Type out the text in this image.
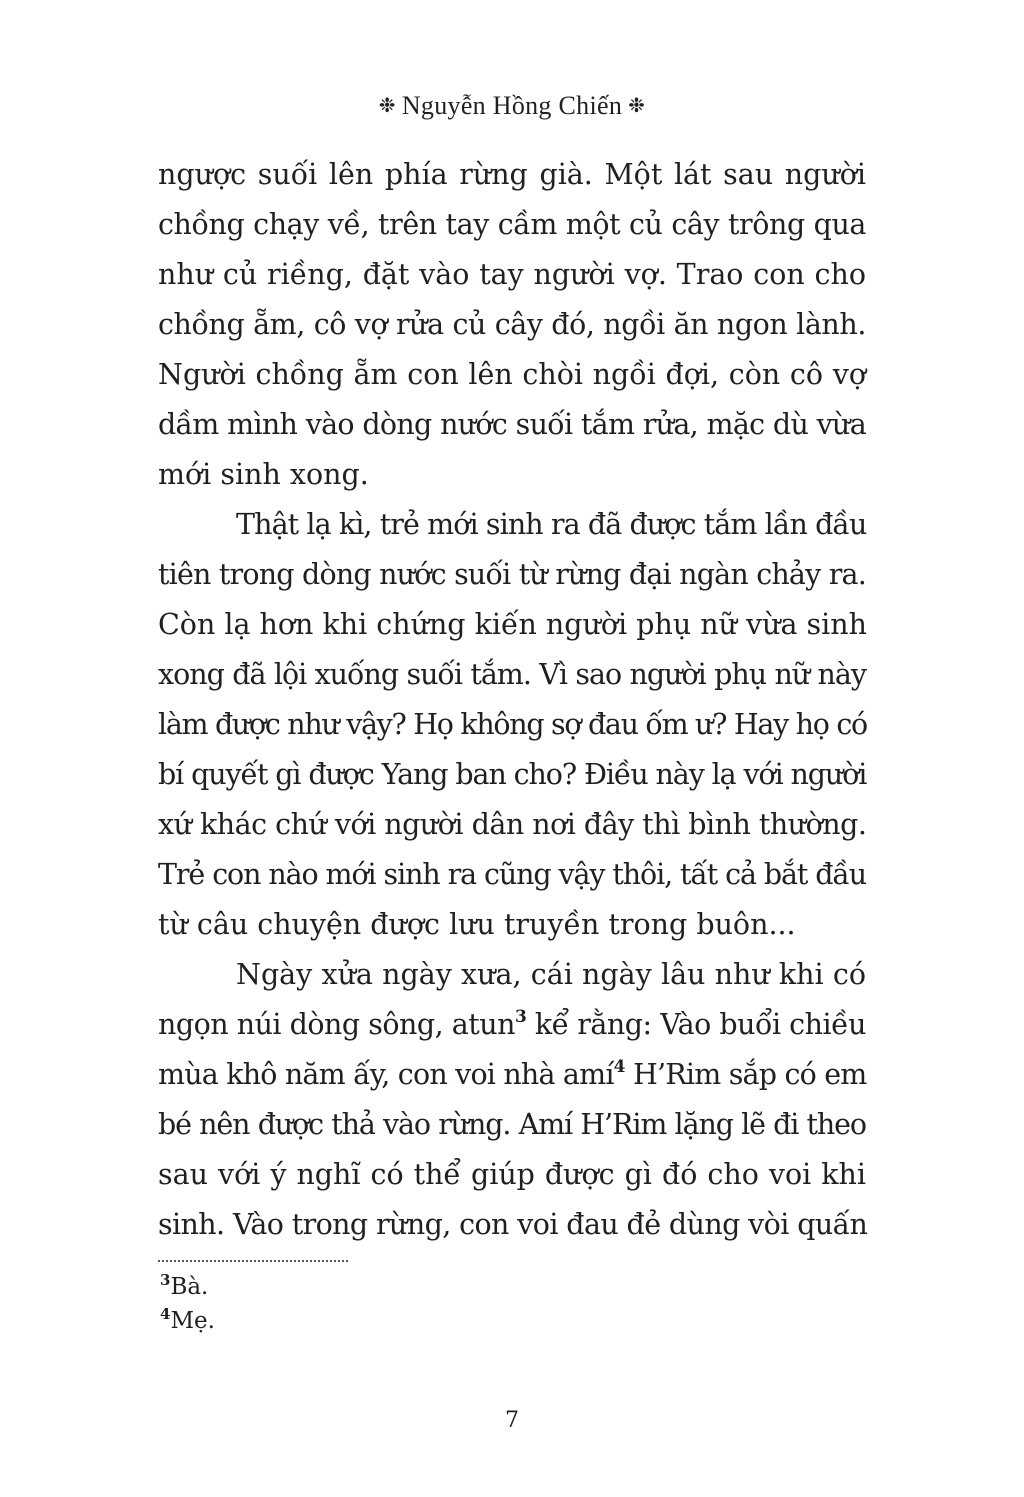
❉ Nguyễn Hồng Chiến ❉

ngược suối lên phía rừng già. Một lát sau người
chồng chạy về, trên tay cầm một củ cây trông qua
như củ riềng, đặt vào tay người vợ. Trao con cho
chồng ẵm, cô vợ rửa củ cây đó, ngồi ăn ngon lành.
Người chồng ẵm con lên chòi ngồi đợi, còn cô vợ
dầm mình vào dòng nước suối tắm rửa, mặc dù vừa
mới sinh xong.

Thật lạ kì, trẻ mới sinh ra đã được tắm lần đầu
tiên trong dòng nước suối từ rừng đại ngàn chảy ra.
Còn lạ hơn khi chứng kiến người phụ nữ vừa sinh
xong đã lội xuống suối tắm. Vì sao người phụ nữ này
làm được như vậy? Họ không sợ đau ốm ư? Hay họ có
bí quyết gì được Yang ban cho? Điều này lạ với người
xứ khác chứ với người dân nơi đây thì bình thường.
Trẻ con nào mới sinh ra cũng vậy thôi, tất cả bắt đầu
từ câu chuyện được lưu truyền trong buôn...

Ngày xửa ngày xưa, cái ngày lâu như khi có
ngọn núi dòng sông, atun$^3$ kể rằng: Vào buổi chiều
mùa khô năm ấy, con voi nhà amí$^4$ H’Rim sắp có em
bé nên được thả vào rừng. Amí H’Rim lặng lẽ đi theo
sau với ý nghĩ có thể giúp được gì đó cho voi khi
sinh. Vào trong rừng, con voi đau đẻ dùng vòi quấn

$^3$Bà.
$^4$Mẹ.
7
